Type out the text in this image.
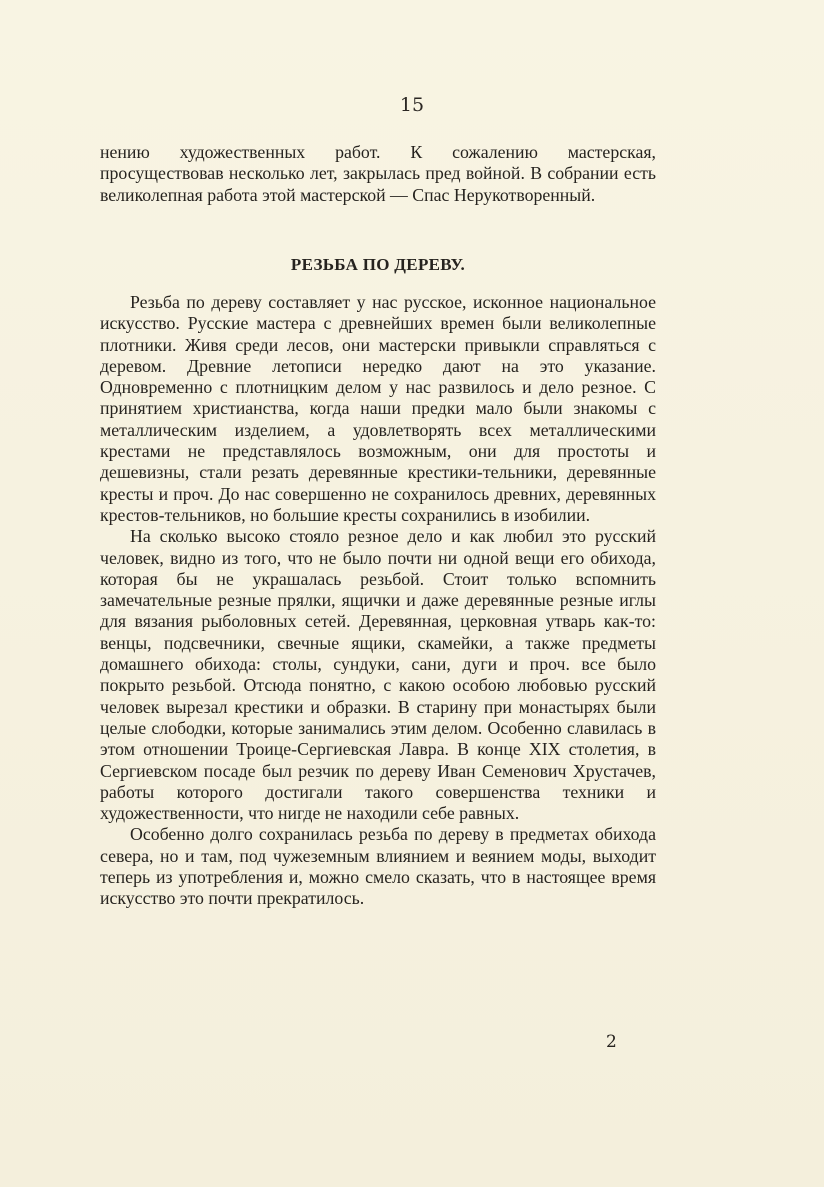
15
нению художественных работ. К сожалению мастерская, просуществовав несколько лет, закрылась пред войной. В собрании есть великолепная работа этой мастерской — Спас Нерукотворенный.
РЕЗЬБА ПО ДЕРЕВУ.

Резьба по дереву составляет у нас русское, исконное национальное искусство. Русские мастера с древнейших времен были великолепные плотники. Живя среди лесов, они мастерски привыкли справляться с деревом. Древние летописи нередко дают на это указание. Одновременно с плотницким делом у нас развилось и дело резное. С принятием христианства, когда наши предки мало были знакомы с металлическим изделием, а удовлетворять всех металлическими крестами не представлялось возможным, они для простоты и дешевизны, стали резать деревянные крестики-тельники, деревянные кресты и проч. До нас совершенно не сохранилось древних, деревянных крестов-тельников, но большие кресты сохранились в изобилии.

На сколько высоко стояло резное дело и как любил это русский человек, видно из того, что не было почти ни одной вещи его обихода, которая бы не украшалась резьбой. Стоит только вспомнить замечательные резные прялки, ящички и даже деревянные резные иглы для вязания рыболовных сетей. Деревянная, церковная утварь как-то: венцы, подсвечники, свечные ящики, скамейки, а также предметы домашнего обихода: столы, сундуки, сани, дуги и проч. все было покрыто резьбой. Отсюда понятно, с какою особою любовью русский человек вырезал крестики и образки. В старину при монастырях были целые слободки, которые занимались этим делом. Особенно славилась в этом отношении Троице-Сергиевская Лавра. В конце XIX столетия, в Сергиевском посаде был резчик по дереву Иван Семенович Хрустачев, работы которого достигали такого совершенства техники и художественности, что нигде не находили себе равных.

Особенно долго сохранилась резьба по дереву в предметах обихода севера, но и там, под чужеземным влиянием и веянием моды, выходит теперь из употребления и, можно смело сказать, что в настоящее время искусство это почти прекратилось.

2
